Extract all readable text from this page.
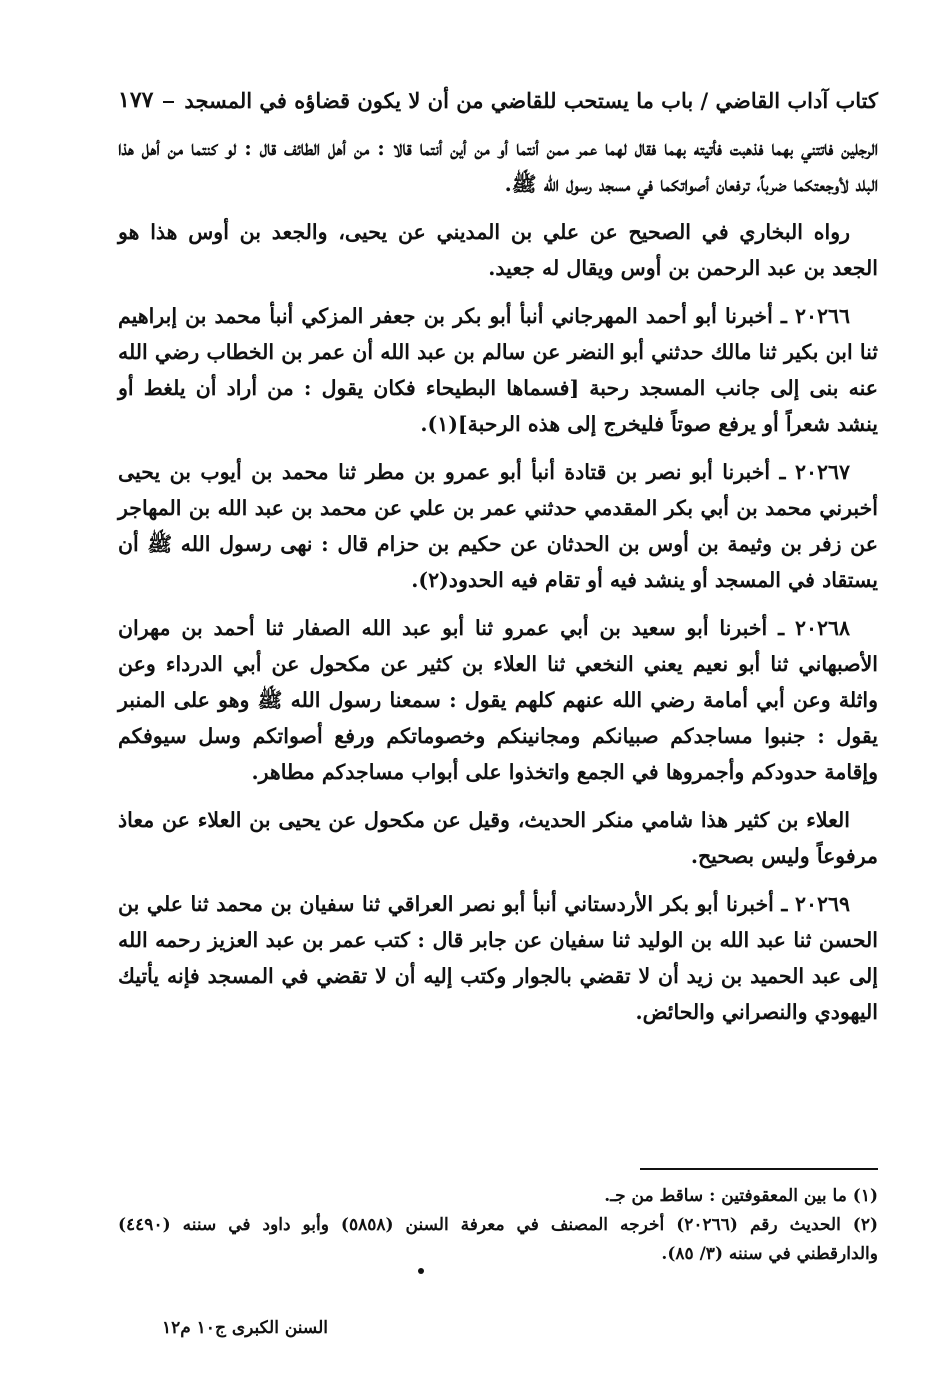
كتاب آداب القاضي / باب ما يستحب للقاضي من أن لا يكون قضاؤه في المسجد
١٧٧

الرجلين فاتتني بهما فذهبت فأتيته بهما فقال لهما عمر ممن أنتما أو من أين أنتما قالا : من أهل الطائف قال : لو كنتما من أهل هذا البلد لأوجعتكما ضرباً، ترفعان أصواتكما في مسجد رسول الله ﷺ.

رواه البخاري في الصحيح عن علي بن المديني عن يحيى، والجعد بن أوس هذا هو الجعد بن عبد الرحمن بن أوس ويقال له جعيد.

٢٠٢٦٦ ـ أخبرنا أبو أحمد المهرجاني أنبأ أبو بكر بن جعفر المزكي أنبأ محمد بن إبراهيم ثنا ابن بكير ثنا مالك حدثني أبو النضر عن سالم بن عبد الله أن عمر بن الخطاب رضي الله عنه بنى إلى جانب المسجد رحبة [فسماها البطيحاء فكان يقول : من أراد أن يلغط أو ينشد شعراً أو يرفع صوتاً فليخرج إلى هذه الرحبة](١).

٢٠٢٦٧ ـ أخبرنا أبو نصر بن قتادة أنبأ أبو عمرو بن مطر ثنا محمد بن أيوب بن يحيى أخبرني محمد بن أبي بكر المقدمي حدثني عمر بن علي عن محمد بن عبد الله بن المهاجر عن زفر بن وثيمة بن أوس بن الحدثان عن حكيم بن حزام قال : نهى رسول الله ﷺ أن يستقاد في المسجد أو ينشد فيه أو تقام فيه الحدود(٢).

٢٠٢٦٨ ـ أخبرنا أبو سعيد بن أبي عمرو ثنا أبو عبد الله الصفار ثنا أحمد بن مهران الأصبهاني ثنا أبو نعيم يعني النخعي ثنا العلاء بن كثير عن مكحول عن أبي الدرداء وعن واثلة وعن أبي أمامة رضي الله عنهم كلهم يقول : سمعنا رسول الله ﷺ وهو على المنبر يقول : جنبوا مساجدكم صبيانكم ومجانينكم وخصوماتكم ورفع أصواتكم وسل سيوفكم وإقامة حدودكم وأجمروها في الجمع واتخذوا على أبواب مساجدكم مطاهر.

العلاء بن كثير هذا شامي منكر الحديث، وقيل عن مكحول عن يحيى بن العلاء عن معاذ مرفوعاً وليس بصحيح.

٢٠٢٦٩ ـ أخبرنا أبو بكر الأردستاني أنبأ أبو نصر العراقي ثنا سفيان بن محمد ثنا علي بن الحسن ثنا عبد الله بن الوليد ثنا سفيان عن جابر قال : كتب عمر بن عبد العزيز رحمه الله إلى عبد الحميد بن زيد أن لا تقضي بالجوار وكتب إليه أن لا تقضي في المسجد فإنه يأتيك اليهودي والنصراني والحائض.

(١) ما بين المعقوفتين : ساقط من جـ.

(٢) الحديث رقم (٢٠٢٦٦) أخرجه المصنف في معرفة السنن (٥٨٥٨) وأبو داود في سننه (٤٤٩٠) والدارقطني في سننه (٣/ ٨٥).

السنن الكبرى ج١٠ م١٢
